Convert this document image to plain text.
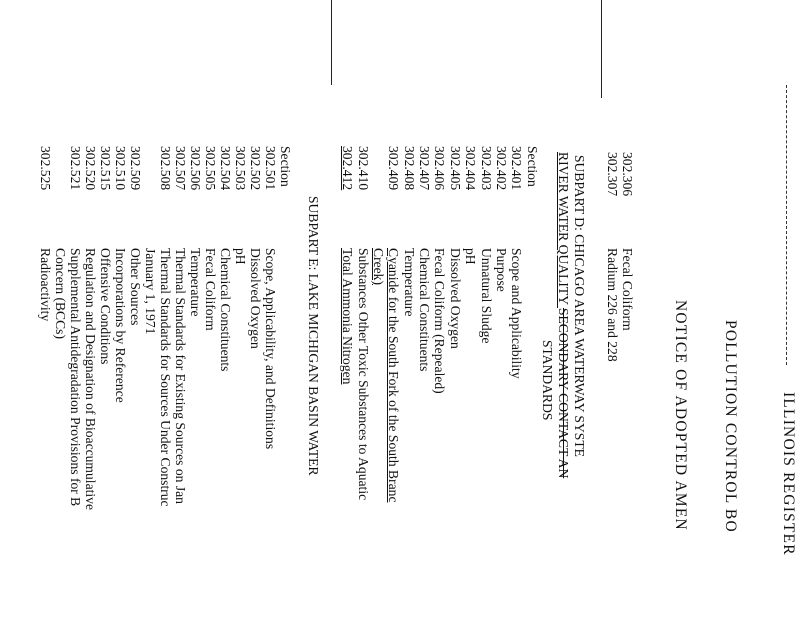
ILLINOIS REGISTER
POLLUTION CONTROL BO
NOTICE OF ADOPTED AMEN
302.306
Fecal Coliform
302.307
Radium 226 and 228
SUBPART D: CHICAGO AREA WATERWAY SYSTE
RIVER WATER QUALITY SECONDARY CONTACT AN
STANDARDS
Section
302.401
Scope and Applicability
302.402
Purpose
302.403
Unnatural Sludge
302.404
pH
302.405
Dissolved Oxygen
302.406
Fecal Coliform (Repealed)
302.407
Chemical Constituents
302.408
Temperature
302.409
Cyanide for the South Fork of the South Branc
Creek)
302.410
Substances Other Toxic Substances to Aquatic
302.412
Total Ammonia Nitrogen
SUBPART E: LAKE MICHIGAN BASIN WATER
Section
302.501
Scope, Applicability, and Definitions
302.502
Dissolved Oxygen
302.503
pH
302.504
Chemical Constituents
302.505
Fecal Coliform
302.506
Temperature
302.507
Thermal Standards for Existing Sources on Jan
302.508
Thermal Standards for Sources Under Construc
January 1, 1971
302.509
Other Sources
302.510
Incorporations by Reference
302.515
Offensive Conditions
302.520
Regulation and Designation of Bioaccumulative
302.521
Supplemental Antidegradation Provisions for B
Concern (BCCs)
302.525
Radioactivity
